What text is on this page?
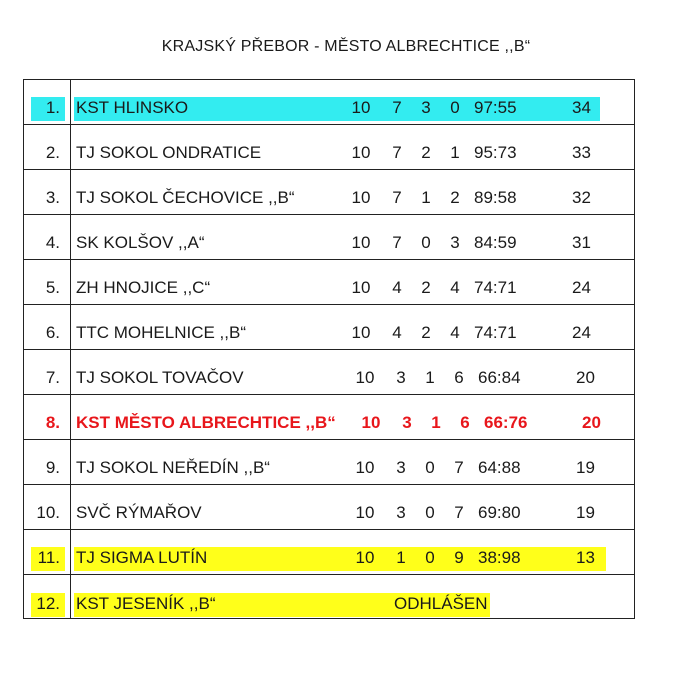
KRAJSKÝ PŘEBOR - MĚSTO ALBRECHTICE ,,B“
1. KST HLINSKO	10	7	3	0 97:55	34
2. TJ SOKOL ONDRATICE	10	7	2	1 95:73	33
3. TJ SOKOL ČECHOVICE ,,B“	10	7	1	2 89:58	32
4. SK KOLŠOV ,,A“	10	7	0	3 84:59	31
5. ZH HNOJICE ,,C“	10	4	2	4 74:71	24
6. TTC MOHELNICE ,,B“	10	4	2	4 74:71	24
7. TJ SOKOL TOVAČOV	10	3	1	6 66:84	20
8. KST MĚSTO ALBRECHTICE ,,B“	10	3	1	6 66:76	20
9. TJ SOKOL NEŘEDÍN ,,B“	10	3	0	7 64:88	19
10. SVČ RÝMAŘOV	10	3	0	7 69:80	19
11. TJ SIGMA LUTÍN	10	1	0	9 38:98	13
12. KST JESENÍK ,,B“	ODHLÁŠEN
